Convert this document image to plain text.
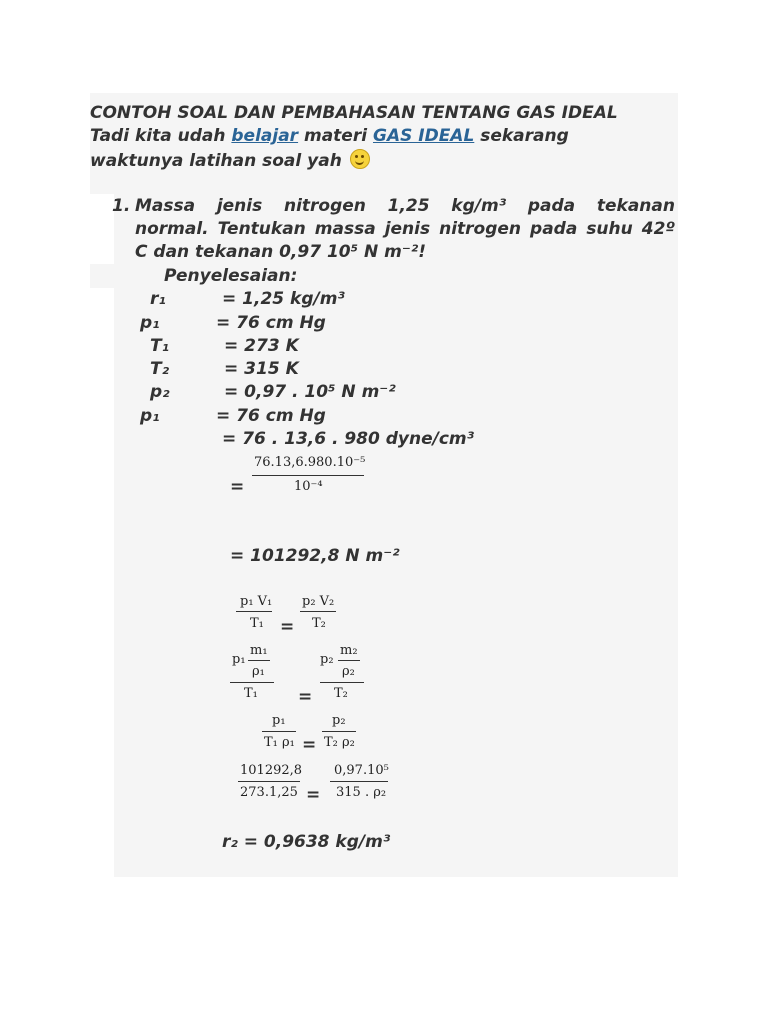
CONTOH SOAL DAN PEMBAHASAN TENTANG GAS IDEAL
Tadi kita udah belajar materi GAS IDEAL sekarang
waktunya latihan soal yah
1. Massa jenis nitrogen 1,25 kg/m³ pada tekanan
normal. Tentukan massa jenis nitrogen pada suhu 42º
C dan tekanan 0,97 10⁵ N m⁻²!
Penyelesaian:
r₁	= 1,25 kg/m³
p₁	= 76 cm Hg
T₁	= 273 K
T₂	= 315 K
p₂	= 0,97 . 10⁵ N m⁻²
p₁	= 76 cm Hg
= 76 . 13,6 . 980 dyne/cm³
76.13,6.980.10⁻⁵
10⁻⁴
=
= 101292,8 N m⁻²
p₁ V₁
T₁ =
p₂ V₂
T₂
p₁
m₁
ρ₁
T₁ =
p₂
m₂
ρ₂
T₂
p₁
T₁ ρ₁ =
p₂
T₂ ρ₂
101292,8
273.1,25 =
0,97.10⁵
315 . ρ₂
r₂ = 0,9638 kg/m³
